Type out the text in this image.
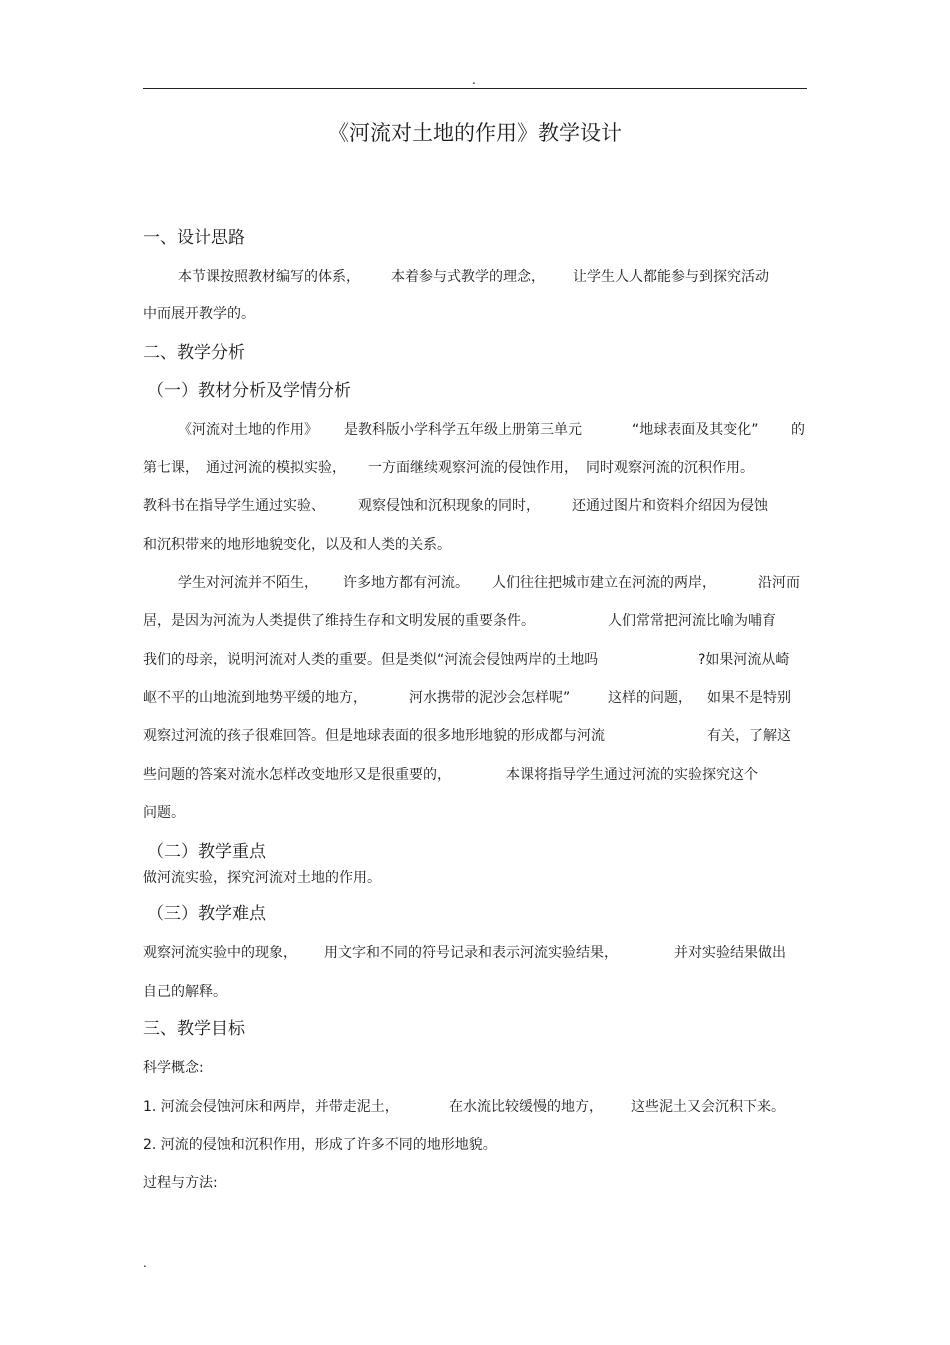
.
《河流对土地的作用》教学设计
一、设计思路
本节课按照教材编写的体系， 本着参与式教学的理念， 让学生人人都能参与到探究活动
中而展开教学的。
二、教学分析
（一）教材分析及学情分析
《河流对土地的作用》 是教科版小学科学五年级上册第三单元	“地球表面及其变化” 的
第七课， 通过河流的模拟实验， 一方面继续观察河流的侵蚀作用， 同时观察河流的沉积作用。
教科书在指导学生通过实验、 观察侵蚀和沉积现象的同时， 还通过图片和资料介绍因为侵蚀
和沉积带来的地形地貌变化，以及和人类的关系。
学生对河流并不陌生， 许多地方都有河流。 人们往往把城市建立在河流的两岸，	沿河而
居，是因为河流为人类提供了维持生存和文明发展的重要条件。	人们常常把河流比喻为哺育
我们的母亲，说明河流对人类的重要。但是类似“河流会侵蚀两岸的土地吗	?如果河流从崎
岖不平的山地流到地势平缓的地方，	河水携带的泥沙会怎样呢”	这样的问题， 如果不是特别
观察过河流的孩子很难回答。但是地球表面的很多地形地貌的形成都与河流	有关，了解这
些问题的答案对流水怎样改变地形又是很重要的，	本课将指导学生通过河流的实验探究这个
问题。
（二）教学重点
做河流实验，探究河流对土地的作用。
（三）教学难点
观察河流实验中的现象， 用文字和不同的符号记录和表示河流实验结果，	并对实验结果做出
自己的解释。
三、教学目标
科学概念:
1. 河流会侵蚀河床和两岸，并带走泥土，	在水流比较缓慢的地方， 这些泥土又会沉积下来。
2. 河流的侵蚀和沉积作用，形成了许多不同的地形地貌。
过程与方法:
.
